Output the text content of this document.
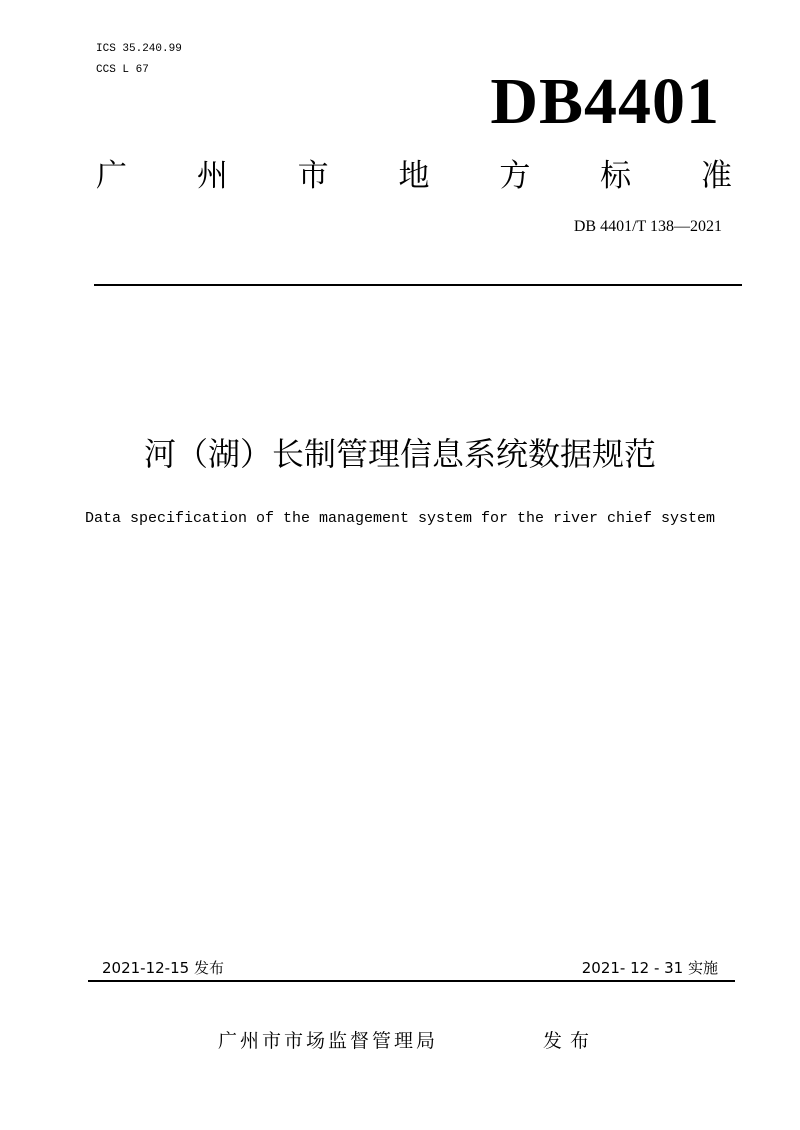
ICS 35.240.99
CCS L 67	DB4401
广 州 市 地 方 标 准
DB 4401/T 138—2021
河（湖）长制管理信息系统数据规范
Data specification of the management system for the river chief system
2021-12-15 发布	2021- 12 - 31 实施
广州市市场监督管理局	发布
